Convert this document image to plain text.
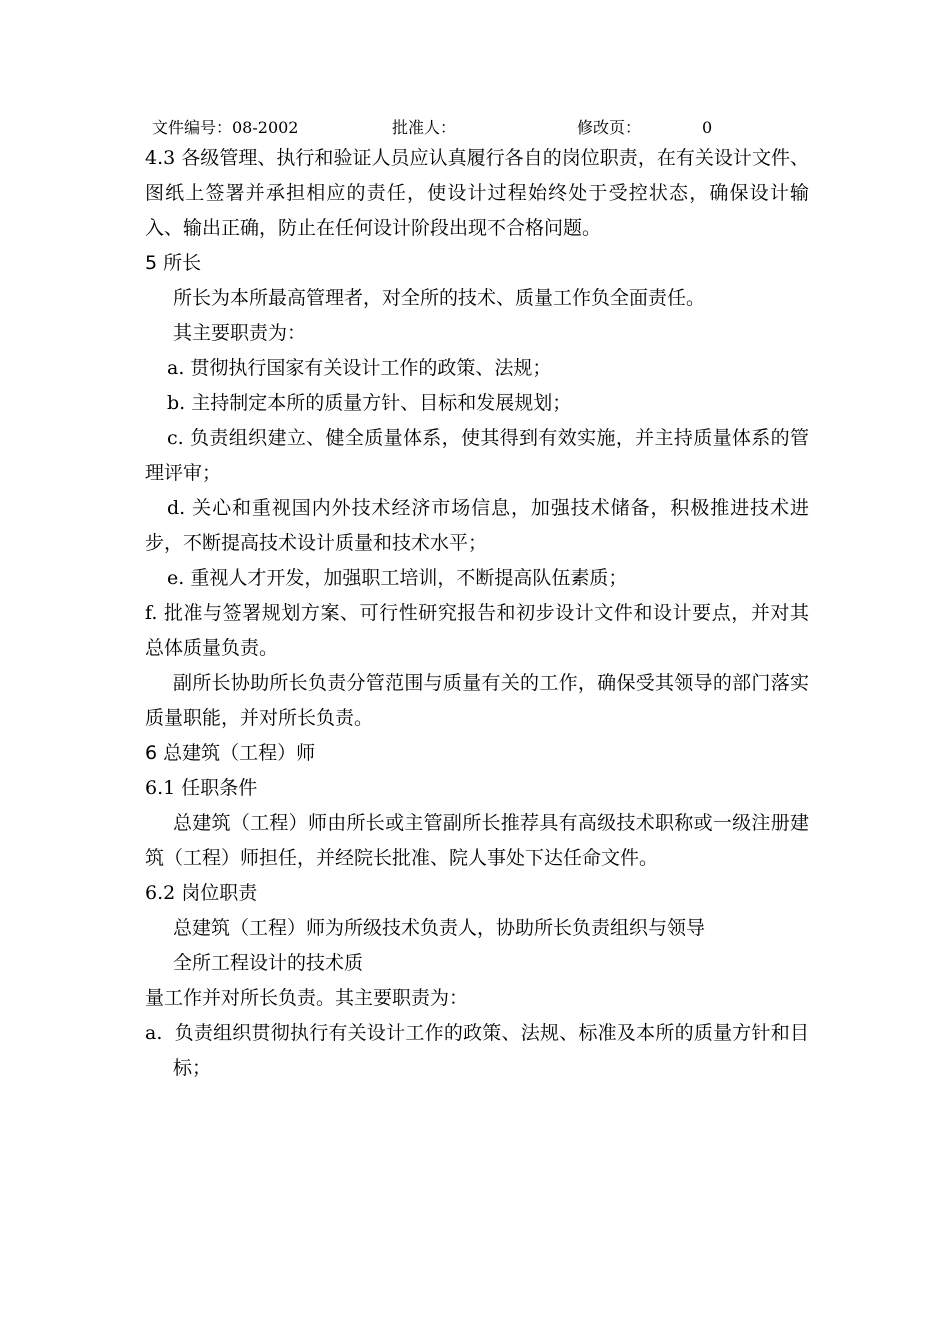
文件编号：08-2002	批准人：	修改页：	0

4.3 各级管理、执行和验证人员应认真履行各自的岗位职责，在有关设计文件、图纸上签署并承担相应的责任，使设计过程始终处于受控状态，确保设计输入、输出正确，防止在任何设计阶段出现不合格问题。

5 所长

所长为本所最高管理者，对全所的技术、质量工作负全面责任。

其主要职责为：

a. 贯彻执行国家有关设计工作的政策、法规；

b. 主持制定本所的质量方针、目标和发展规划；

c. 负责组织建立、健全质量体系，使其得到有效实施，并主持质量体系的管理评审；

d. 关心和重视国内外技术经济市场信息，加强技术储备，积极推进技术进步，不断提高技术设计质量和技术水平；

e. 重视人才开发，加强职工培训，不断提高队伍素质；

f. 批准与签署规划方案、可行性研究报告和初步设计文件和设计要点，并对其总体质量负责。

副所长协助所长负责分管范围与质量有关的工作，确保受其领导的部门落实质量职能，并对所长负责。

6 总建筑（工程）师

6.1 任职条件

总建筑（工程）师由所长或主管副所长推荐具有高级技术职称或一级注册建筑（工程）师担任，并经院长批准、院人事处下达任命文件。

6.2 岗位职责

总建筑（工程）师为所级技术负责人，协助所长负责组织与领导

全所工程设计的技术质

量工作并对所长负责。其主要职责为：

a. 负责组织贯彻执行有关设计工作的政策、法规、标准及本所的质量方针和目标；
